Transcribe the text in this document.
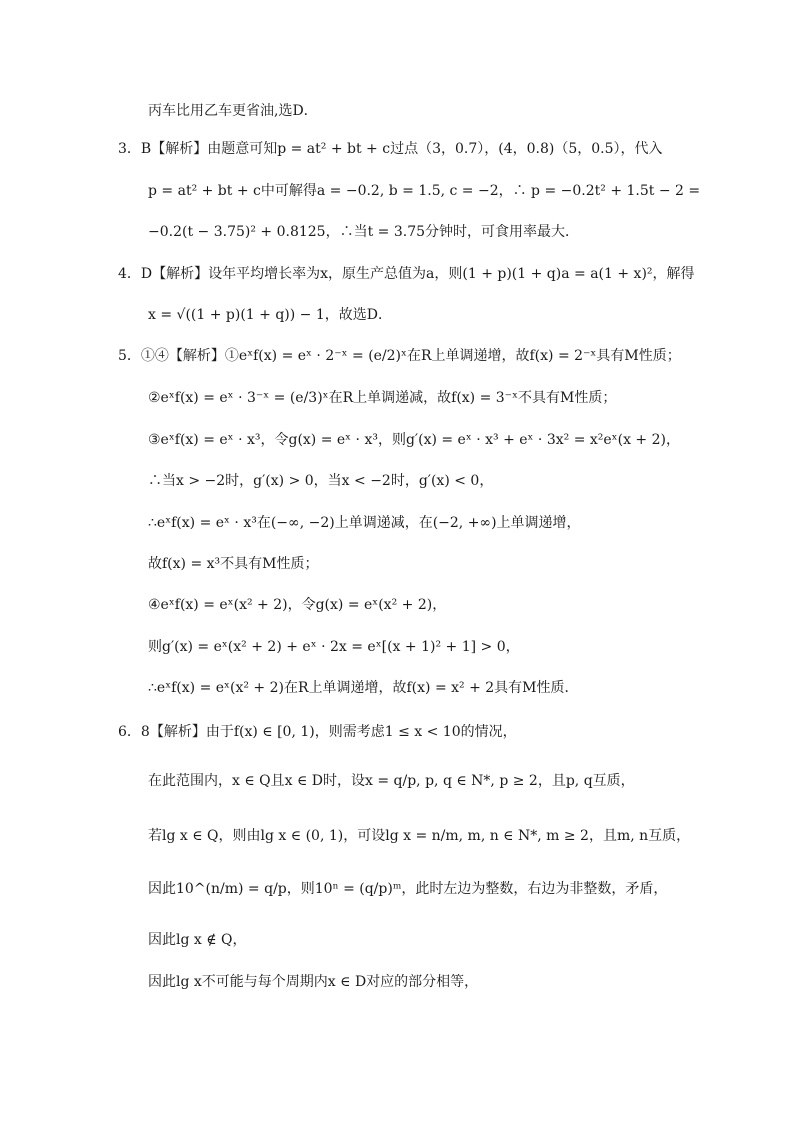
丙车比用乙车更省油,选D．
3．B【解析】由题意可知p = at² + bt + c过点（3，0.7），(4，0.8)（5，0.5），代入
p = at² + bt + c中可解得a = −0.2, b = 1.5, c = −2，∴ p = −0.2t² + 1.5t − 2 =
−0.2(t − 3.75)² + 0.8125，∴当t = 3.75分钟时，可食用率最大．
4．D【解析】设年平均增长率为x，原生产总值为a，则(1 + p)(1 + q)a = a(1 + x)²，解得
x = √((1 + p)(1 + q)) − 1，故选D．
5．①④【解析】①eˣf(x) = eˣ · 2⁻ˣ = (e/2)ˣ在R上单调递增，故f(x) = 2⁻ˣ具有M性质；
②eˣf(x) = eˣ · 3⁻ˣ = (e/3)ˣ在R上单调递减，故f(x) = 3⁻ˣ不具有M性质；
③eˣf(x) = eˣ · x³，令g(x) = eˣ · x³，则g′(x) = eˣ · x³ + eˣ · 3x² = x²eˣ(x + 2)，
∴当x > −2时，g′(x) > 0，当x < −2时，g′(x) < 0，
∴eˣf(x) = eˣ · x³在(−∞, −2)上单调递减，在(−2, +∞)上单调递增，
故f(x) = x³不具有M性质；
④eˣf(x) = eˣ(x² + 2)，令g(x) = eˣ(x² + 2)，
则g′(x) = eˣ(x² + 2) + eˣ · 2x = eˣ[(x + 1)² + 1] > 0，
∴eˣf(x) = eˣ(x² + 2)在R上单调递增，故f(x) = x² + 2具有M性质．
6．8【解析】由于f(x) ∈ [0, 1)，则需考虑1 ≤ x < 10的情况，
在此范围内，x ∈ Q且x ∈ D时，设x = q/p, p, q ∈ N*, p ≥ 2，且p, q互质，
若lg x ∈ Q，则由lg x ∈ (0, 1)，可设lg x = n/m, m, n ∈ N*, m ≥ 2，且m, n互质，
因此10^(n/m) = q/p，则10ⁿ = (q/p)ᵐ，此时左边为整数，右边为非整数，矛盾，
因此lg x ∉ Q，
因此lg x不可能与每个周期内x ∈ D对应的部分相等，
